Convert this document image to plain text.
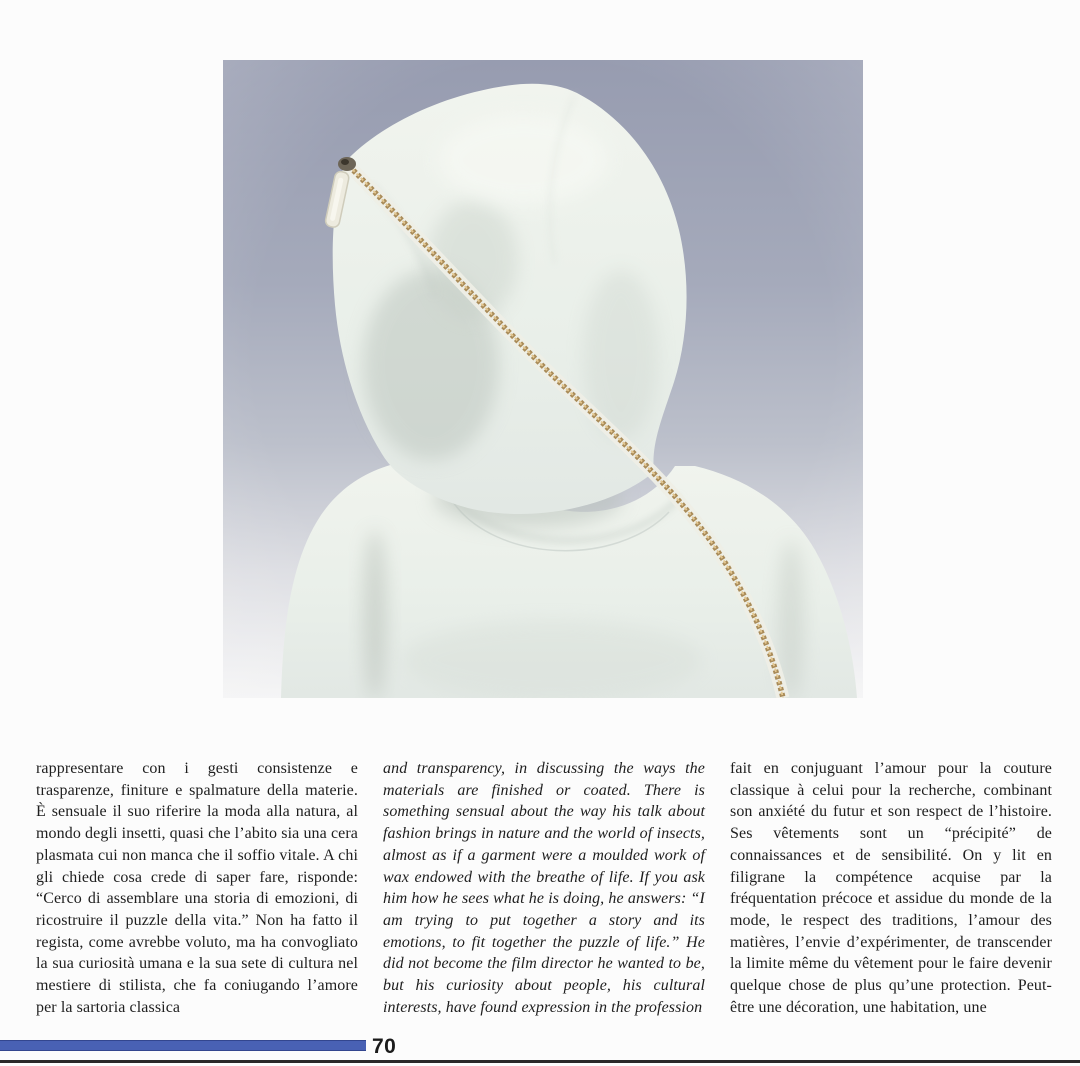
rappresentare con i gesti consistenze e trasparenze, finiture e spalmature della materie. È sensuale il suo riferire la moda alla natura, al mondo degli insetti, quasi che l’abito sia una cera plasmata cui non manca che il soffio vitale. A chi gli chiede cosa crede di saper fare, risponde: “Cerco di assemblare una storia di emozioni, di ricostruire il puzzle della vita.” Non ha fatto il regista, come avrebbe voluto, ma ha convogliato la sua curiosità umana e la sua sete di cultura nel mestiere di stilista, che fa coniugando l’amore per la sartoria classica

and transparency, in discussing the ways the materials are finished or coated. There is something sensual about the way his talk about fashion brings in nature and the world of insects, almost as if a garment were a moulded work of wax endowed with the breathe of life. If you ask him how he sees what he is doing, he answers: “I am trying to put together a story and its emotions, to fit together the puzzle of life.” He did not become the film director he wanted to be, but his curiosity about people, his cultural interests, have found expression in the profession

fait en conjuguant l’amour pour la couture classique à celui pour la recherche, combinant son anxiété du futur et son respect de l’histoire. Ses vêtements sont un “précipité” de connaissances et de sensibilité. On y lit en filigrane la compétence acquise par la fréquentation précoce et assidue du monde de la mode, le respect des traditions, l’amour des matières, l’envie d’expérimenter, de transcender la limite même du vêtement pour le faire devenir quelque chose de plus qu’une protection. Peut-être une décoration, une habitation, une

70
